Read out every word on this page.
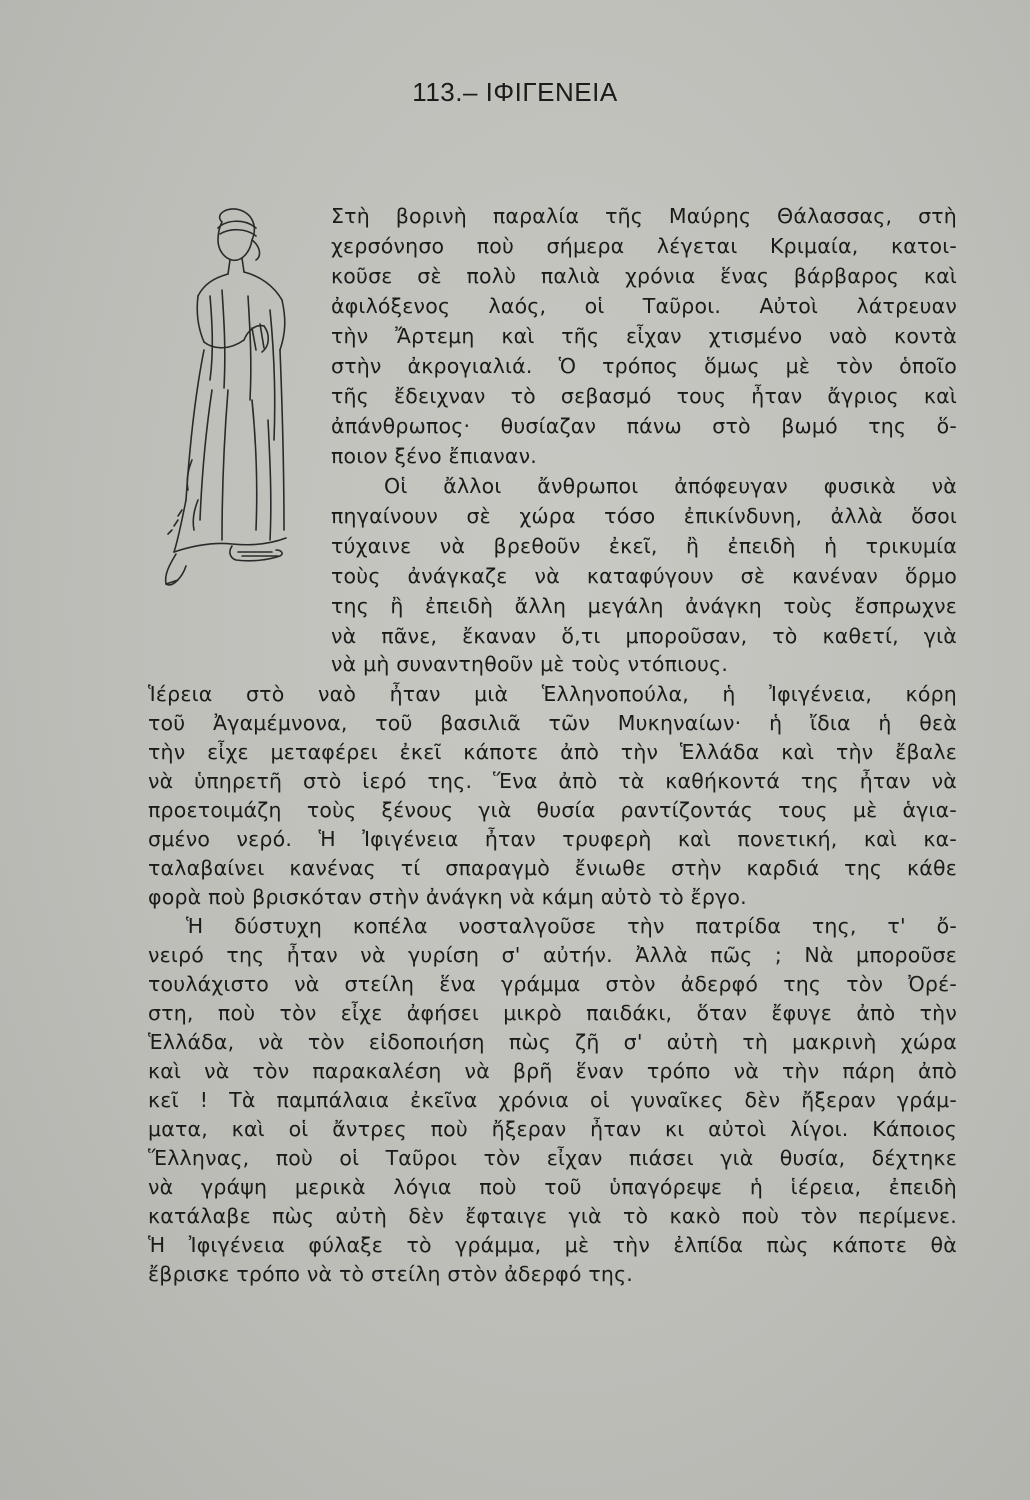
113.– ΙΦΙΓΕΝΕΙΑ
Στὴ βορινὴ παραλία τῆς Μαύρης Θάλασσας, στὴ
χερσόνησο ποὺ σήμερα λέγεται Κριμαία, κατοι-
κοῦσε σὲ πολὺ παλιὰ χρόνια ἕνας βάρβαρος καὶ
ἀφιλόξενος λαός, οἱ Ταῦροι. Αὐτοὶ λάτρευαν
τὴν Ἄρτεμη καὶ τῆς εἶχαν χτισμένο ναὸ κοντὰ
στὴν ἀκρογιαλιά. Ὁ τρόπος ὅμως μὲ τὸν ὁποῖο
τῆς ἔδειχναν τὸ σεβασμό τους ἦταν ἄγριος καὶ
ἀπάνθρωπος· θυσίαζαν πάνω στὸ βωμό της ὅ-
ποιον ξένο ἔπιαναν.
Οἱ ἄλλοι ἄνθρωποι ἀπόφευγαν φυσικὰ νὰ
πηγαίνουν σὲ χώρα τόσο ἐπικίνδυνη, ἀλλὰ ὅσοι
τύχαινε νὰ βρεθοῦν ἐκεῖ, ἢ ἐπειδὴ ἡ τρικυμία
τοὺς ἀνάγκαζε νὰ καταφύγουν σὲ κανέναν ὅρμο
της ἢ ἐπειδὴ ἄλλη μεγάλη ἀνάγκη τοὺς ἔσπρωχνε
νὰ πᾶνε, ἔκαναν ὅ,τι μποροῦσαν, τὸ καθετί, γιὰ
νὰ μὴ συναντηθοῦν μὲ τοὺς ντόπιους.
Ἱέρεια στὸ ναὸ ἦταν μιὰ Ἑλληνοπούλα, ἡ Ἰφιγένεια, κόρη
τοῦ Ἀγαμέμνονα, τοῦ βασιλιᾶ τῶν Μυκηναίων· ἡ ἴδια ἡ θεὰ
τὴν εἶχε μεταφέρει ἐκεῖ κάποτε ἀπὸ τὴν Ἑλλάδα καὶ τὴν ἔβαλε
νὰ ὑπηρετῆ στὸ ἱερό της. Ἕνα ἀπὸ τὰ καθήκοντά της ἦταν νὰ
προετοιμάζη τοὺς ξένους γιὰ θυσία ραντίζοντάς τους μὲ ἁγια-
σμένο νερό. Ἡ Ἰφιγένεια ἦταν τρυφερὴ καὶ πονετική, καὶ κα-
ταλαβαίνει κανένας τί σπαραγμὸ ἔνιωθε στὴν καρδιά της κάθε
φορὰ ποὺ βρισκόταν στὴν ἀνάγκη νὰ κάμη αὐτὸ τὸ ἔργο.
Ἡ δύστυχη κοπέλα νοσταλγοῦσε τὴν πατρίδα της, τ' ὄ-
νειρό της ἦταν νὰ γυρίση σ' αὐτήν. Ἀλλὰ πῶς ; Νὰ μποροῦσε
τουλάχιστο νὰ στείλη ἕνα γράμμα στὸν ἀδερφό της τὸν Ὀρέ-
στη, ποὺ τὸν εἶχε ἀφήσει μικρὸ παιδάκι, ὅταν ἔφυγε ἀπὸ τὴν
Ἑλλάδα, νὰ τὸν εἰδοποιήση πὼς ζῆ σ' αὐτὴ τὴ μακρινὴ χώρα
καὶ νὰ τὸν παρακαλέση νὰ βρῆ ἕναν τρόπο νὰ τὴν πάρη ἀπὸ
κεῖ ! Τὰ παμπάλαια ἐκεῖνα χρόνια οἱ γυναῖκες δὲν ἤξεραν γράμ-
ματα, καὶ οἱ ἄντρες ποὺ ἤξεραν ἦταν κι αὐτοὶ λίγοι. Κάποιος
Ἕλληνας, ποὺ οἱ Ταῦροι τὸν εἶχαν πιάσει γιὰ θυσία, δέχτηκε
νὰ γράψη μερικὰ λόγια ποὺ τοῦ ὑπαγόρεψε ἡ ἱέρεια, ἐπειδὴ
κατάλαβε πὼς αὐτὴ δὲν ἔφταιγε γιὰ τὸ κακὸ ποὺ τὸν περίμενε.
Ἡ Ἰφιγένεια φύλαξε τὸ γράμμα, μὲ τὴν ἐλπίδα πὼς κάποτε θὰ
ἔβρισκε τρόπο νὰ τὸ στείλη στὸν ἀδερφό της.
